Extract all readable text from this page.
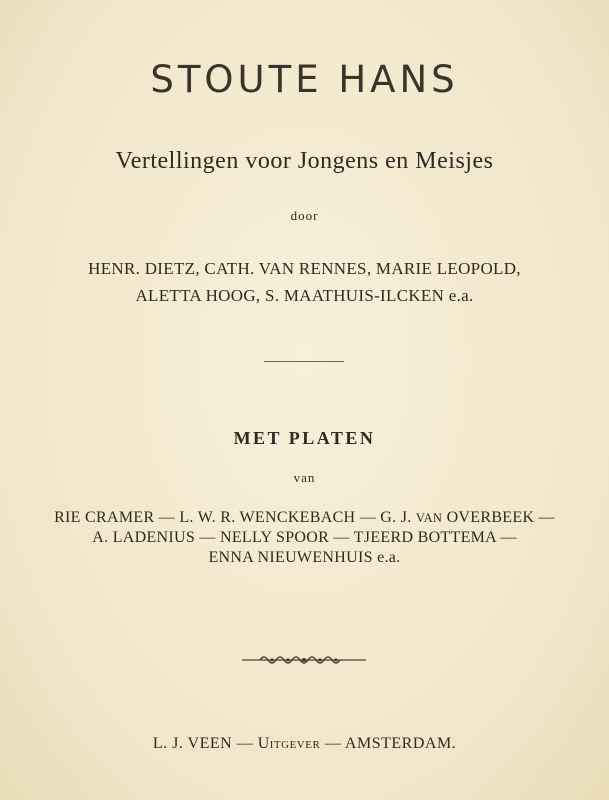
STOUTE HANS
Vertellingen voor Jongens en Meisjes
door
HENR. DIETZ, CATH. VAN RENNES, MARIE LEOPOLD,
ALETTA HOOG, S. MAATHUIS-ILCKEN e.a.
MET PLATEN
van
RIE CRAMER — L. W. R. WENCKEBACH — G. J. VAN OVERBEEK —
A. LADENIUS — NELLY SPOOR — TJEERD BOTTEMA —
ENNA NIEUWENHUIS e.a.
L. J. VEEN — Uitgever — AMSTERDAM.
